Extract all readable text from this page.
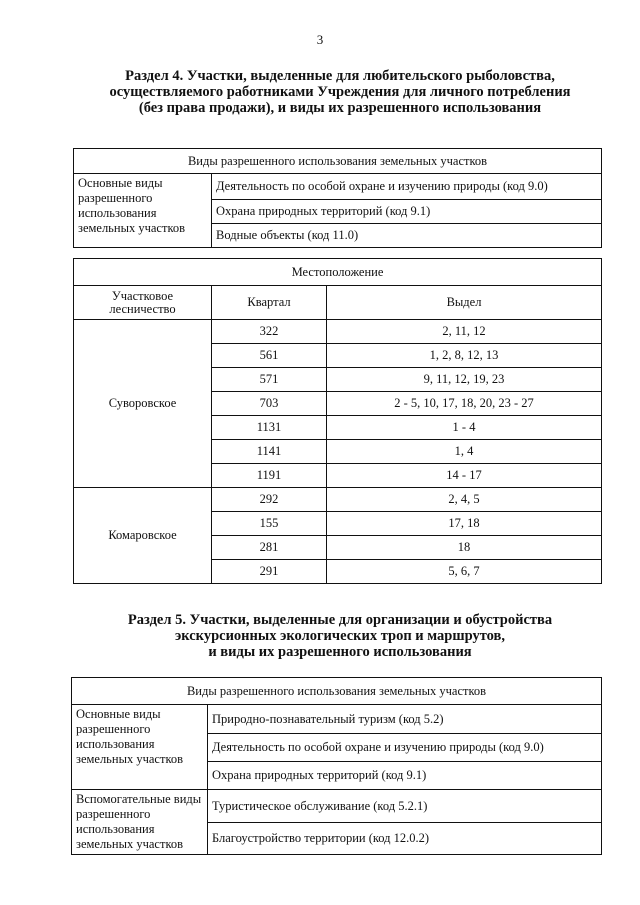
3
Раздел 4. Участки, выделенные для любительского рыболовства,
осуществляемого работниками Учреждения для личного потребления
(без права продажи), и виды их разрешенного использования
Виды разрешенного использования земельных участков
Основные виды разрешенного использования земельных участков	Деятельность по особой охране и изучению природы (код 9.0)
Охрана природных территорий (код 9.1)
Водные объекты (код 11.0)
Местоположение		
Участковое лесничество	Квартал	Выдел
Суворовское	322	2, 11, 12
	561	1, 2, 8, 12, 13
	571	9, 11, 12, 19, 23
	703	2 - 5, 10, 17, 18, 20, 23 - 27
	1131	1 - 4
	1141	1, 4
	1191	14 - 17
Комаровское	292	2, 4, 5
	155	17, 18
	281	18
	291	5, 6, 7
Раздел 5. Участки, выделенные для организации и обустройства
экскурсионных экологических троп и маршрутов,
и виды их разрешенного использования
Виды разрешенного использования земельных участков	
Основные виды разрешенного использования земельных участков	Природно-познавательный туризм (код 5.2)
	Деятельность по особой охране и изучению природы (код 9.0)
	Охрана природных территорий (код 9.1)
Вспомогательные виды разрешенного использования земельных участков	Туристическое обслуживание (код 5.2.1)
	Благоустройство территории (код 12.0.2)
